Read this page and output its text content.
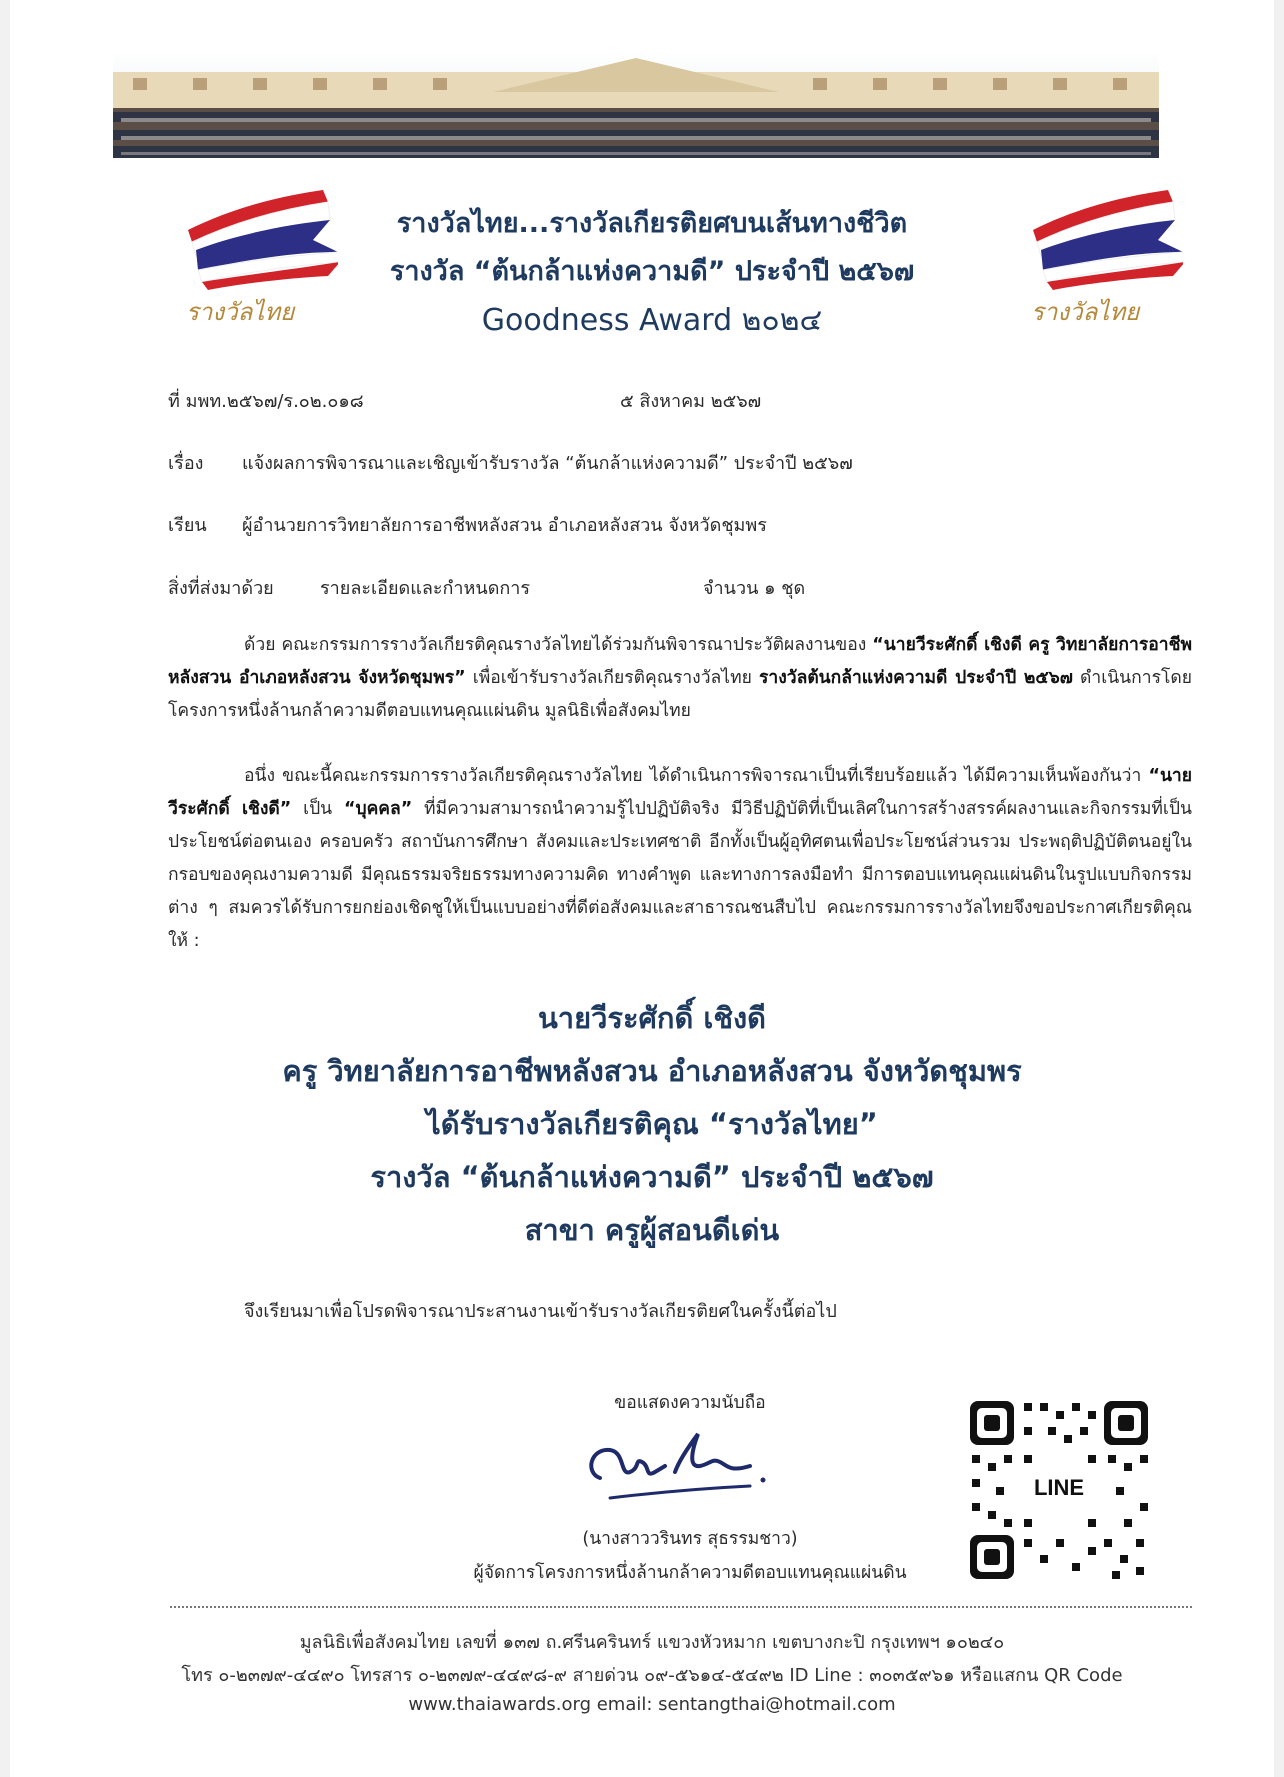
รางวัลไทย	รางวัลไทย
รางวัลไทย...รางวัลเกียรติยศบนเส้นทางชีวิต
รางวัล “ต้นกล้าแห่งความดี” ประจำปี ๒๕๖๗
Goodness Award ๒๐๒๔
ที่ มพท.๒๕๖๗/ร.๐๒.๐๑๘	๕ สิงหาคม ๒๕๖๗
เรื่อง แจ้งผลการพิจารณาและเชิญเข้ารับรางวัล “ต้นกล้าแห่งความดี” ประจำปี ๒๕๖๗
เรียน ผู้อำนวยการวิทยาลัยการอาชีพหลังสวน อำเภอหลังสวน จังหวัดชุมพร
สิ่งที่ส่งมาด้วย	รายละเอียดและกำหนดการ	จำนวน ๑ ชุด
ด้วย คณะกรรมการรางวัลเกียรติคุณรางวัลไทยได้ร่วมกันพิจารณาประวัติผลงานของ “นายวีระศักดิ์ เชิงดี ครู วิทยาลัยการอาชีพหลังสวน อำเภอหลังสวน จังหวัดชุมพร” เพื่อเข้ารับรางวัลเกียรติคุณรางวัลไทย รางวัลต้นกล้าแห่งความดี ประจำปี ๒๕๖๗ ดำเนินการโดยโครงการหนึ่งล้านกล้าความดีตอบแทนคุณแผ่นดิน มูลนิธิเพื่อสังคมไทย
อนึ่ง ขณะนี้คณะกรรมการรางวัลเกียรติคุณรางวัลไทย ได้ดำเนินการพิจารณาเป็นที่เรียบร้อยแล้ว ได้มีความเห็นพ้องกันว่า “นายวีระศักดิ์ เชิงดี” เป็น “บุคคล” ที่มีความสามารถนำความรู้ไปปฏิบัติจริง มีวิธีปฏิบัติที่เป็นเลิศในการสร้างสรรค์ผลงานและกิจกรรมที่เป็นประโยชน์ต่อตนเอง ครอบครัว สถาบันการศึกษา สังคมและประเทศชาติ อีกทั้งเป็นผู้อุทิศตนเพื่อประโยชน์ส่วนรวม ประพฤติปฏิบัติตนอยู่ในกรอบของคุณงามความดี มีคุณธรรมจริยธรรมทางความคิด ทางคำพูด และทางการลงมือทำ มีการตอบแทนคุณแผ่นดินในรูปแบบกิจกรรมต่าง ๆ สมควรได้รับการยกย่องเชิดชูให้เป็นแบบอย่างที่ดีต่อสังคมและสาธารณชนสืบไป คณะกรรมการรางวัลไทยจึงขอประกาศเกียรติคุณให้ :
นายวีระศักดิ์ เชิงดี
ครู วิทยาลัยการอาชีพหลังสวน อำเภอหลังสวน จังหวัดชุมพร
ได้รับรางวัลเกียรติคุณ “รางวัลไทย”
รางวัล “ต้นกล้าแห่งความดี” ประจำปี ๒๕๖๗
สาขา ครูผู้สอนดีเด่น
จึงเรียนมาเพื่อโปรดพิจารณาประสานงานเข้ารับรางวัลเกียรติยศในครั้งนี้ต่อไป
ขอแสดงความนับถือ
(นางสาววรินทร สุธรรมชาว)
ผู้จัดการโครงการหนึ่งล้านกล้าความดีตอบแทนคุณแผ่นดิน
LINE
มูลนิธิเพื่อสังคมไทย เลขที่ ๑๓๗ ถ.ศรีนครินทร์ แขวงหัวหมาก เขตบางกะปิ กรุงเทพฯ ๑๐๒๔๐
โทร ๐-๒๓๗๙-๔๔๙๐ โทรสาร ๐-๒๓๗๙-๔๔๙๘-๙ สายด่วน ๐๙-๕๖๑๔-๕๔๙๒ ID Line : ๓๐๓๕๙๖๑ หรือแสกน QR Code
www.thaiawards.org email: sentangthai@hotmail.com
